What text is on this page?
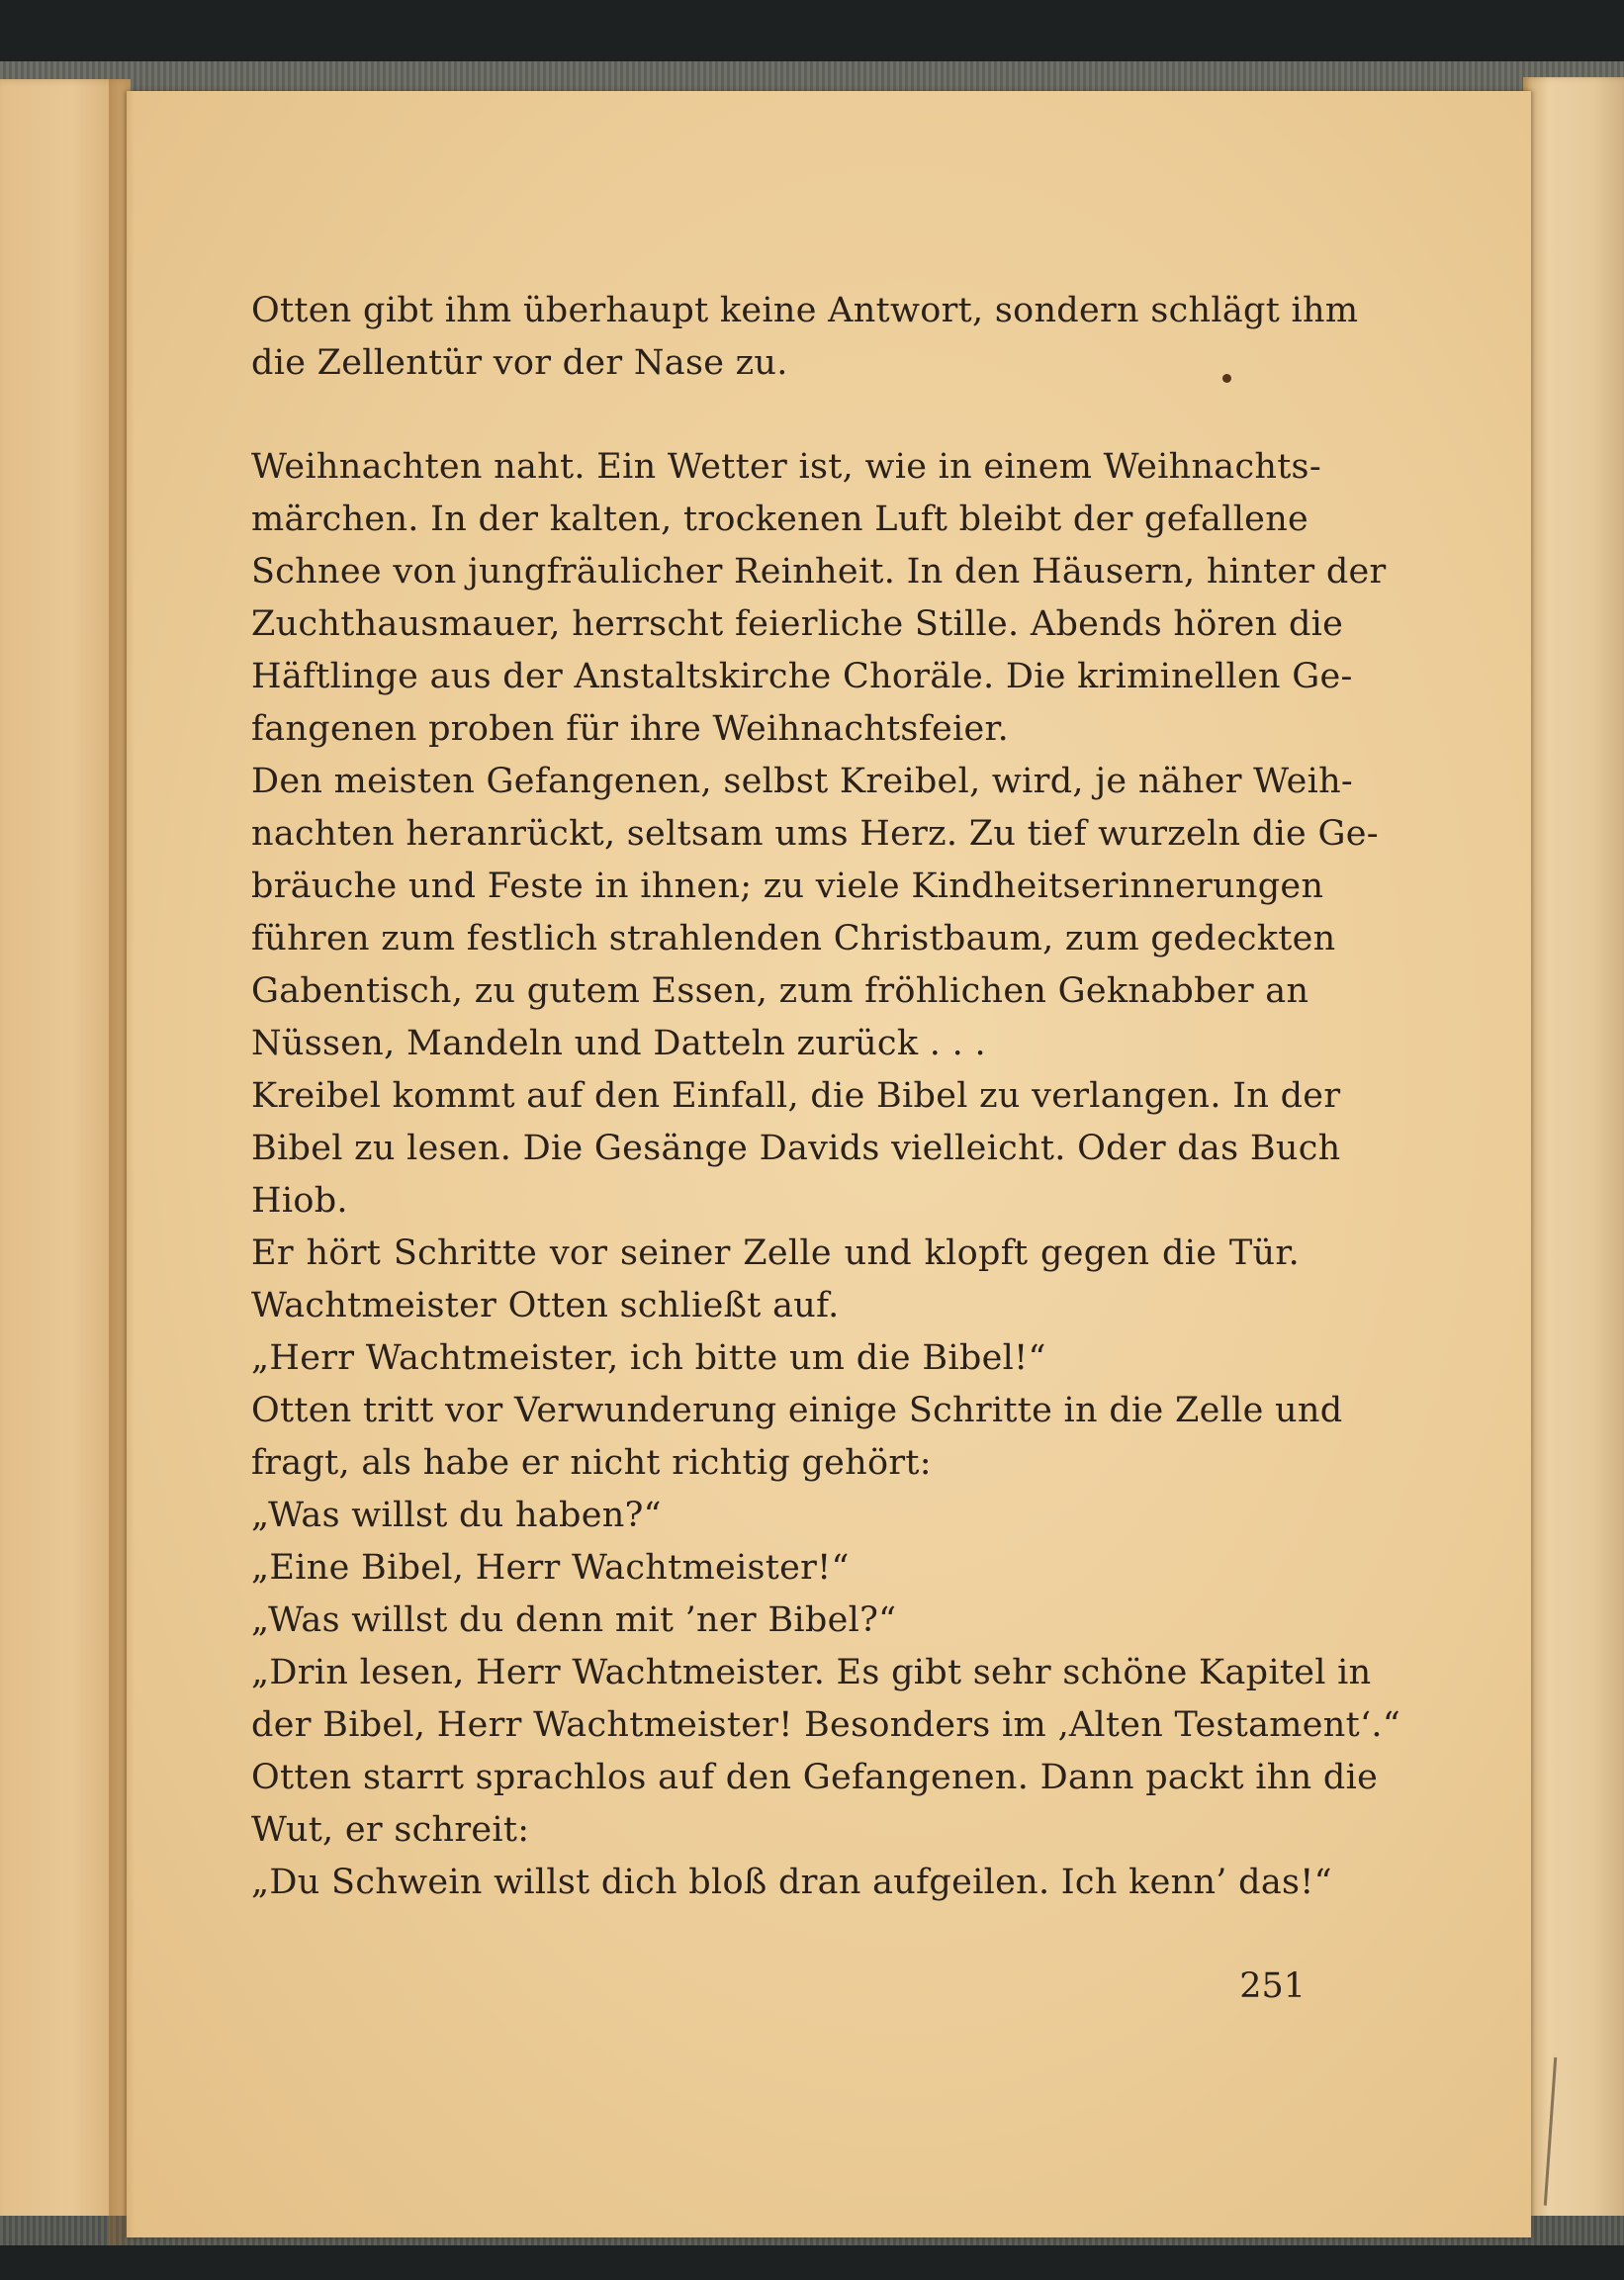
Otten gibt ihm überhaupt keine Antwort, sondern schlägt ihm
die Zellentür vor der Nase zu.
Weihnachten naht. Ein Wetter ist, wie in einem Weihnachts-
märchen. In der kalten, trockenen Luft bleibt der gefallene
Schnee von jungfräulicher Reinheit. In den Häusern, hinter der
Zuchthausmauer, herrscht feierliche Stille. Abends hören die
Häftlinge aus der Anstaltskirche Choräle. Die kriminellen Ge-
fangenen proben für ihre Weihnachtsfeier.
Den meisten Gefangenen, selbst Kreibel, wird, je näher Weih-
nachten heranrückt, seltsam ums Herz. Zu tief wurzeln die Ge-
bräuche und Feste in ihnen; zu viele Kindheitserinnerungen
führen zum festlich strahlenden Christbaum, zum gedeckten
Gabentisch, zu gutem Essen, zum fröhlichen Geknabber an
Nüssen, Mandeln und Datteln zurück . . .
Kreibel kommt auf den Einfall, die Bibel zu verlangen. In der
Bibel zu lesen. Die Gesänge Davids vielleicht. Oder das Buch
Hiob.
Er hört Schritte vor seiner Zelle und klopft gegen die Tür.
Wachtmeister Otten schließt auf.
„Herr Wachtmeister, ich bitte um die Bibel!“
Otten tritt vor Verwunderung einige Schritte in die Zelle und
fragt, als habe er nicht richtig gehört:
„Was willst du haben?“
„Eine Bibel, Herr Wachtmeister!“
„Was willst du denn mit ’ner Bibel?“
„Drin lesen, Herr Wachtmeister. Es gibt sehr schöne Kapitel in
der Bibel, Herr Wachtmeister! Besonders im ‚Alten Testament‘.“
Otten starrt sprachlos auf den Gefangenen. Dann packt ihn die
Wut, er schreit:
„Du Schwein willst dich bloß dran aufgeilen. Ich kenn’ das!“
251
